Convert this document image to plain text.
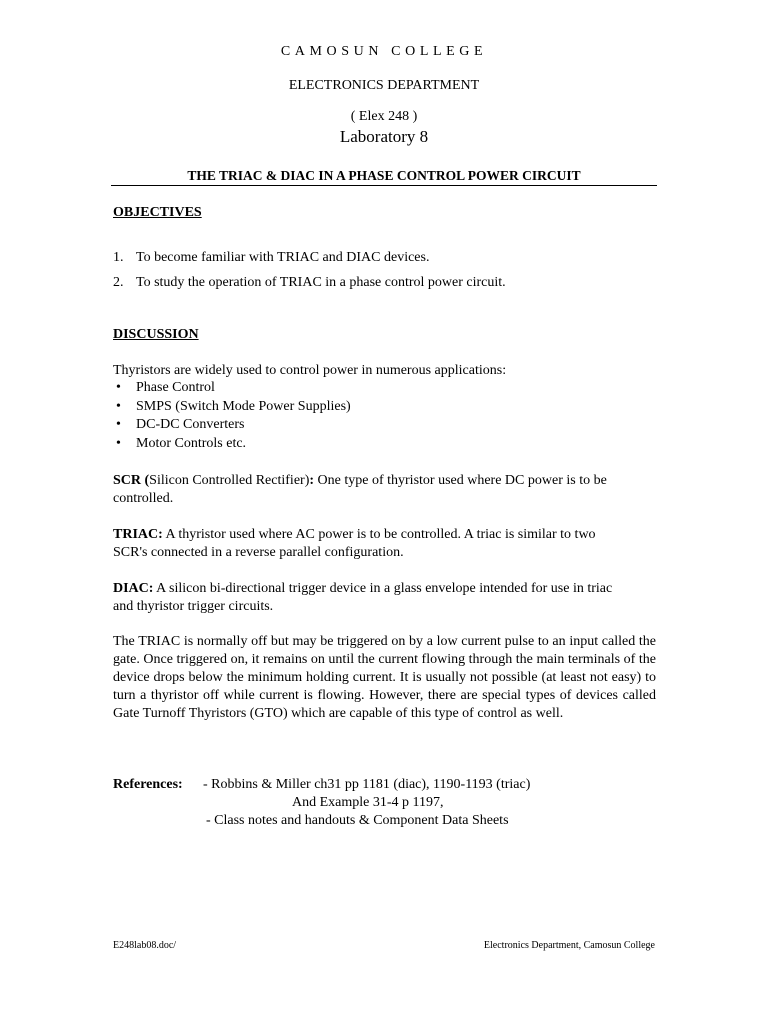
CAMOSUN COLLEGE
ELECTRONICS DEPARTMENT
( Elex 248 )
Laboratory 8
THE TRIAC & DIAC IN A PHASE CONTROL POWER CIRCUIT
OBJECTIVES
1. To become familiar with TRIAC and DIAC devices.
2. To study the operation of TRIAC in a phase control power circuit.
DISCUSSION
Thyristors are widely used to control power in numerous applications:
• Phase Control
• SMPS (Switch Mode Power Supplies)
• DC-DC Converters
• Motor Controls etc.
SCR (Silicon Controlled Rectifier): One type of thyristor used where DC power is to be
controlled.
TRIAC: A thyristor used where AC power is to be controlled. A triac is similar to two
SCR's connected in a reverse parallel configuration.
DIAC: A silicon bi-directional trigger device in a glass envelope intended for use in triac
and thyristor trigger circuits.
The TRIAC is normally off but may be triggered on by a low current pulse to an input called the gate. Once triggered on, it remains on until the current flowing through the main terminals of the device drops below the minimum holding current. It is usually not possible (at least not easy) to turn a thyristor off while current is flowing. However, there are special types of devices called Gate Turnoff Thyristors (GTO) which are capable of this type of control as well.
References: - Robbins & Miller ch31 pp 1181 (diac), 1190-1193 (triac)
And Example 31-4 p 1197,
- Class notes and handouts & Component Data Sheets
E248lab08.doc/	Electronics Department, Camosun College
